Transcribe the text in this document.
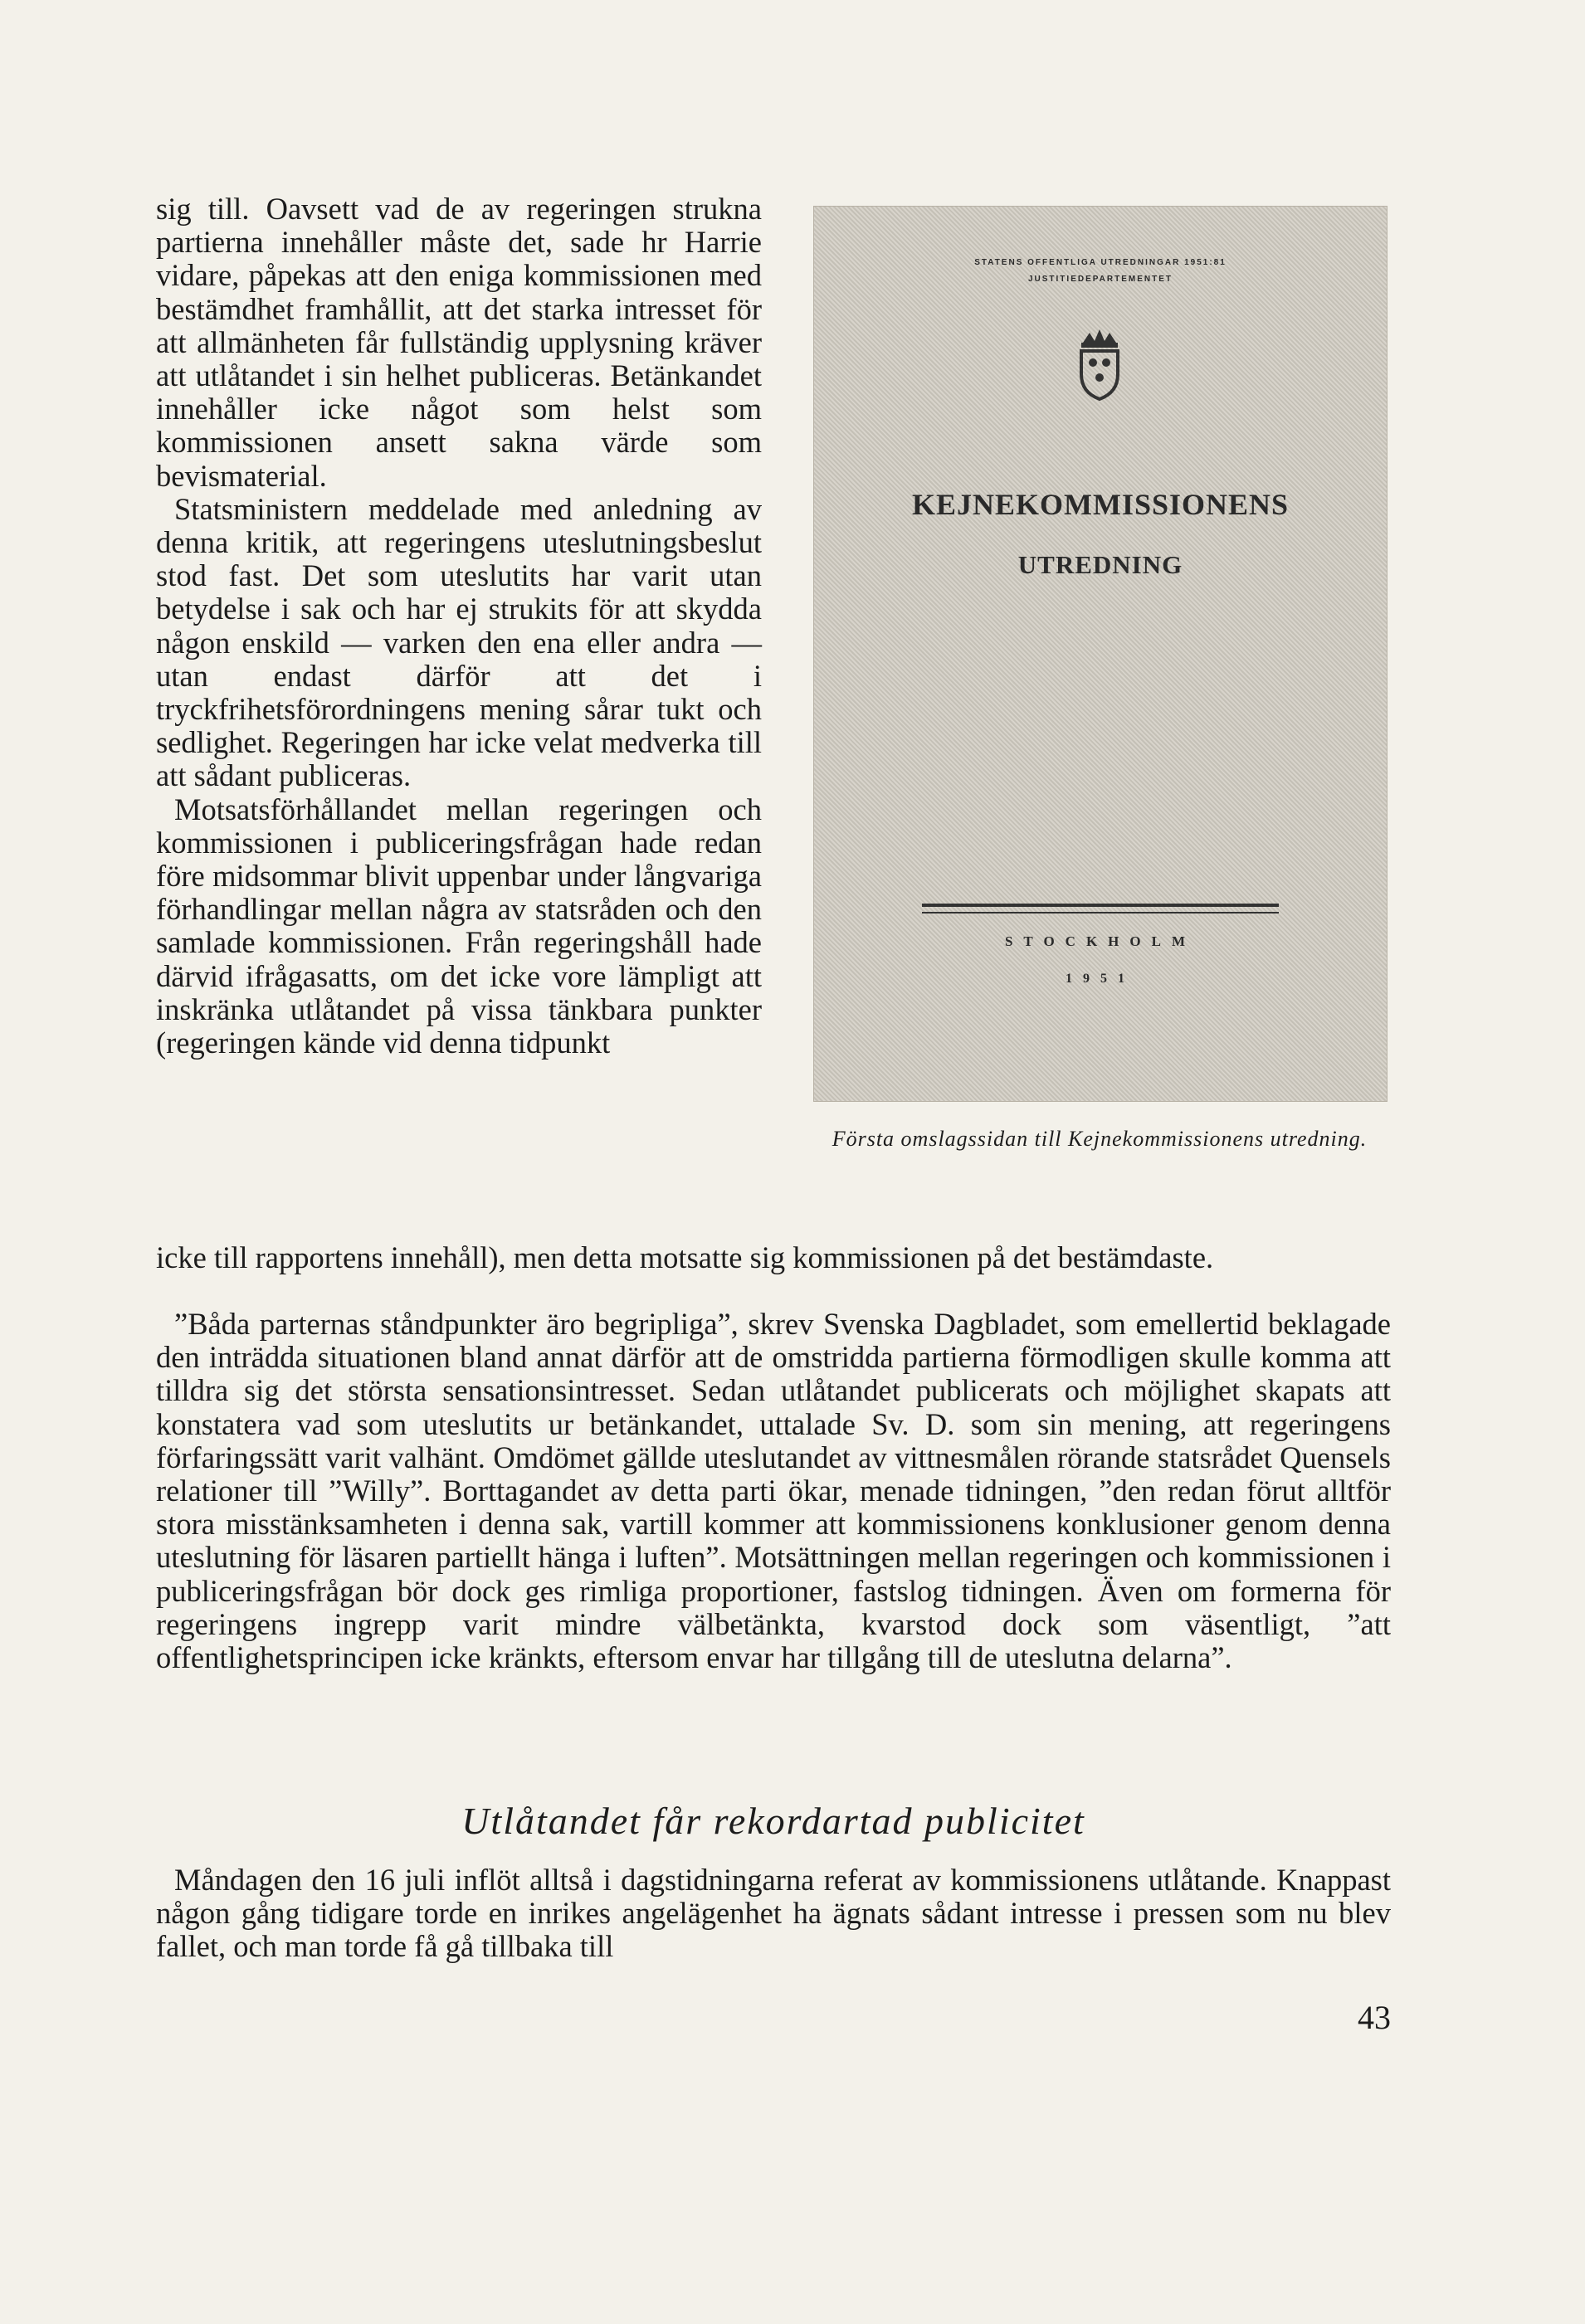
sig till. Oavsett vad de av regeringen strukna partierna innehåller måste det, sade hr Harrie vidare, påpekas att den eniga kommissionen med bestämdhet framhållit, att det starka intresset för att allmänheten får fullständig upplysning kräver att utlåtandet i sin helhet publiceras. Betänkandet innehåller icke något som helst som kommissionen ansett sakna värde som bevismaterial.

Statsministern meddelade med anledning av denna kritik, att regeringens uteslutningsbeslut stod fast. Det som uteslutits har varit utan betydelse i sak och har ej strukits för att skydda någon enskild — varken den ena eller andra — utan endast därför att det i tryckfrihetsförordningens mening sårar tukt och sedlighet. Regeringen har icke velat medverka till att sådant publiceras.

Motsatsförhållandet mellan regeringen och kommissionen i publiceringsfrågan hade redan före midsommar blivit uppenbar under långvariga förhandlingar mellan några av statsråden och den samlade kommissionen. Från regeringshåll hade därvid ifrågasatts, om det icke vore lämpligt att inskränka utlåtandet på vissa tänkbara punkter (regeringen kände vid denna tidpunkt

STATENS OFFENTLIGA UTREDNINGAR 1951:81
JUSTITIEDEPARTEMENTET
KEJNEKOMMISSIONENS
UTREDNING
STOCKHOLM
1951
Första omslagssidan till Kejnekommissionens utredning.
icke till rapportens innehåll), men detta motsatte sig kommissionen på det bestämdaste.
”Båda parternas ståndpunkter äro begripliga”, skrev Svenska Dagbladet, som emellertid beklagade den inträdda situationen bland annat därför att de omstridda partierna förmodligen skulle komma att tilldra sig det största sensationsintresset. Sedan utlåtandet publicerats och möjlighet skapats att konstatera vad som uteslutits ur betänkandet, uttalade Sv. D. som sin mening, att regeringens förfaringssätt varit valhänt. Omdömet gällde uteslutandet av vittnesmålen rörande statsrådet Quensels relationer till ”Willy”. Borttagandet av detta parti ökar, menade tidningen, ”den redan förut alltför stora misstänksamheten i denna sak, vartill kommer att kommissionens konklusioner genom denna uteslutning för läsaren partiellt hänga i luften”. Motsättningen mellan regeringen och kommissionen i publiceringsfrågan bör dock ges rimliga proportioner, fastslog tidningen. Även om formerna för regeringens ingrepp varit mindre välbetänkta, kvarstod dock som väsentligt, ”att offentlighetsprincipen icke kränkts, eftersom envar har tillgång till de uteslutna delarna”.
Utlåtandet får rekordartad publicitet
Måndagen den 16 juli inflöt alltså i dagstidningarna referat av kommissionens utlåtande. Knappast någon gång tidigare torde en inrikes angelägenhet ha ägnats sådant intresse i pressen som nu blev fallet, och man torde få gå tillbaka till
43
